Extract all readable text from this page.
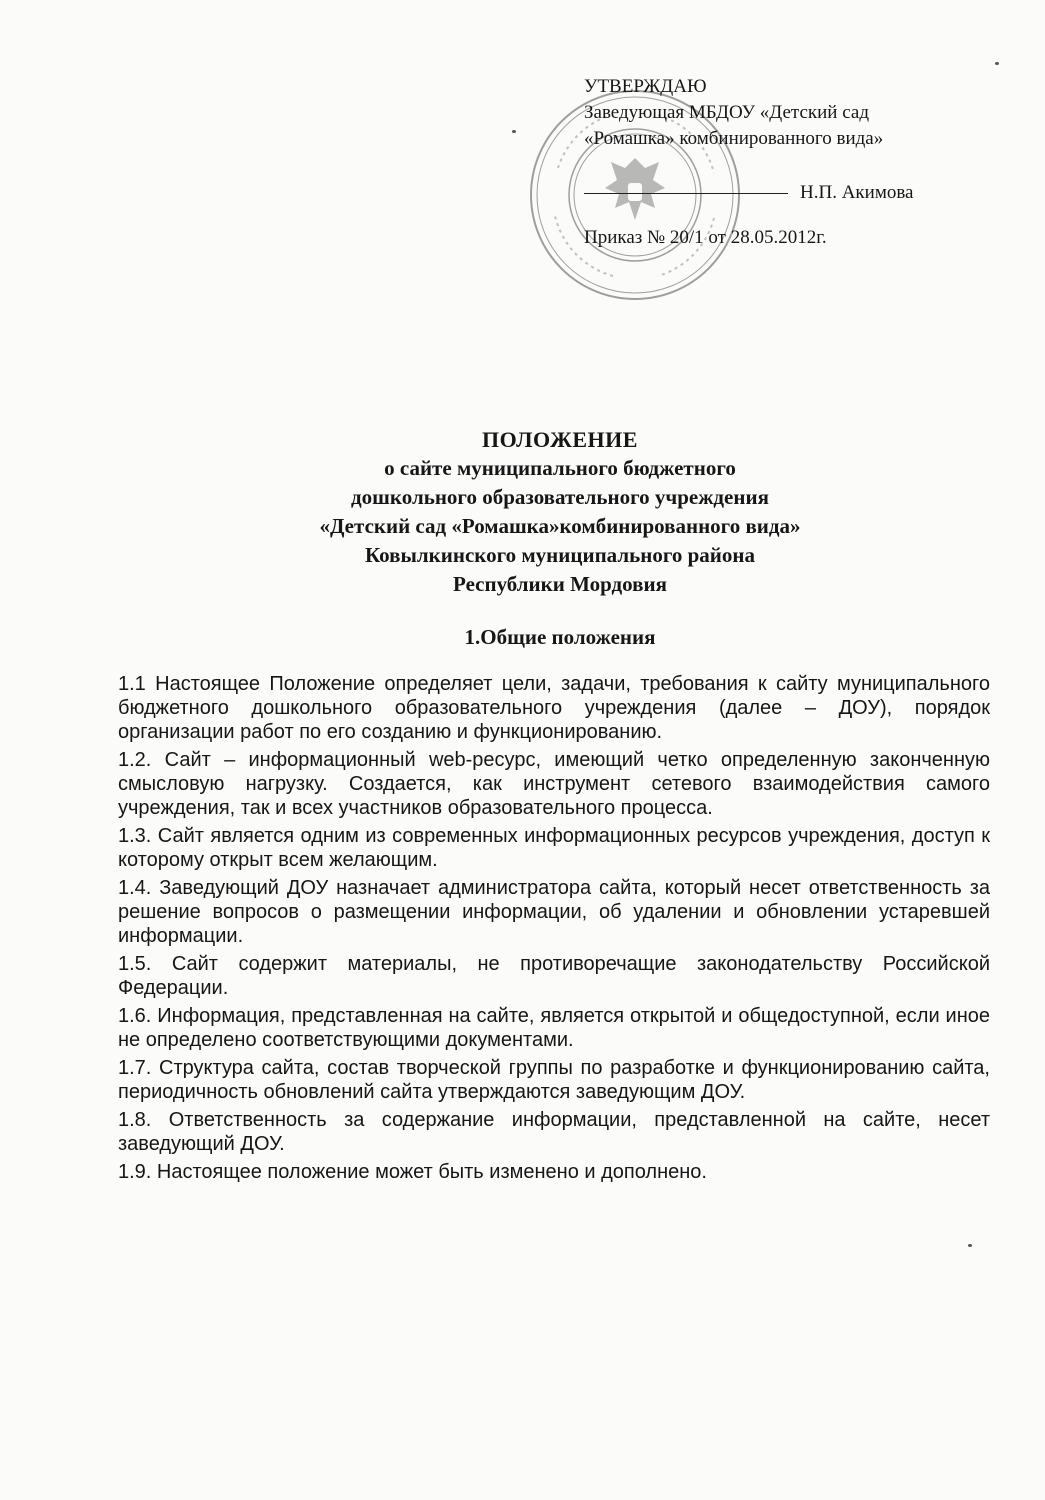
УТВЕРЖДАЮ
Заведующая МБДОУ «Детский сад
«Ромашка» комбинированного вида»
Н.П. Акимова
Приказ № 20/1 от 28.05.2012г.
ПОЛОЖЕНИЕ
о сайте муниципального бюджетного
дошкольного образовательного учреждения
«Детский сад «Ромашка»комбинированного вида»
Ковылкинского муниципального района
Республики Мордовия
1.Общие положения

1.1 Настоящее Положение определяет цели, задачи, требования к сайту муниципального бюджетного дошкольного образовательного учреждения (далее – ДОУ), порядок организации работ по его созданию и функционированию.

1.2. Сайт – информационный web-ресурс, имеющий четко определенную законченную смысловую нагрузку. Создается, как инструмент сетевого взаимодействия самого учреждения, так и всех участников образовательного процесса.

1.3. Сайт является одним из современных информационных ресурсов учреждения, доступ к которому открыт всем желающим.

1.4. Заведующий ДОУ назначает администратора сайта, который несет ответственность за решение вопросов о размещении информации, об удалении и обновлении устаревшей информации.

1.5. Сайт содержит материалы, не противоречащие законодательству Российской Федерации.

1.6. Информация, представленная на сайте, является открытой и общедоступной, если иное не определено соответствующими документами.

1.7. Структура сайта, состав творческой группы по разработке и функционированию сайта, периодичность обновлений сайта утверждаются заведующим ДОУ.

1.8. Ответственность за содержание информации, представленной на сайте, несет заведующий ДОУ.

1.9. Настоящее положение может быть изменено и дополнено.
